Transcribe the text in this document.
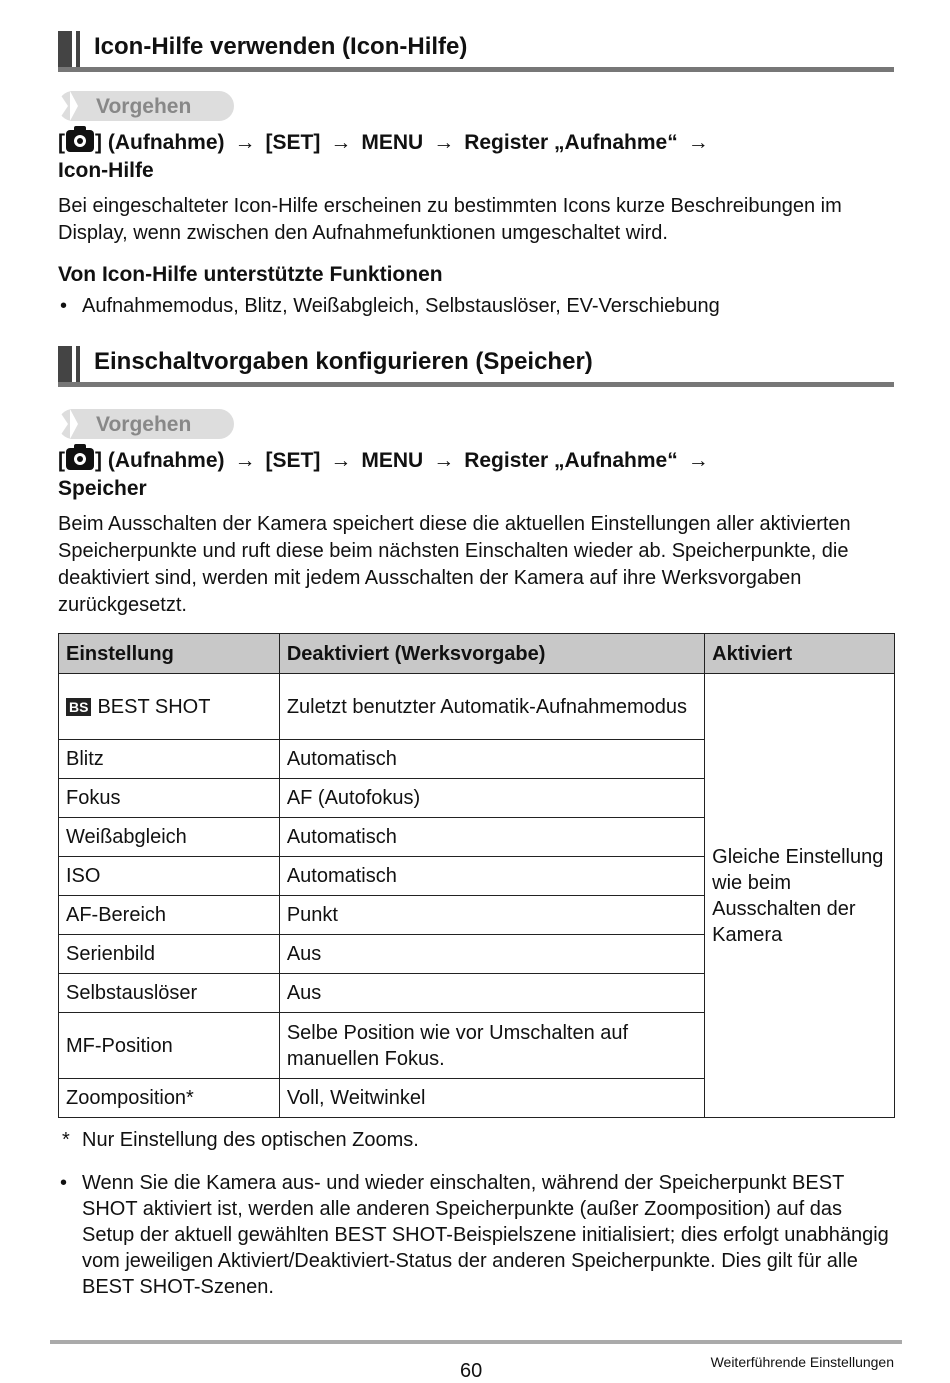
Icon-Hilfe verwenden (Icon-Hilfe)
Vorgehen
[ ] (Aufnahme) → [SET] → MENU → Register „Aufnahme“ →
Icon-Hilfe
Bei eingeschalteter Icon-Hilfe erscheinen zu bestimmten Icons kurze Beschreibungen im Display, wenn zwischen den Aufnahmefunktionen umgeschaltet wird.
Von Icon-Hilfe unterstützte Funktionen
• Aufnahmemodus, Blitz, Weißabgleich, Selbstauslöser, EV-Verschiebung
Einschaltvorgaben konfigurieren (Speicher)
Vorgehen
[ ] (Aufnahme) → [SET] → MENU → Register „Aufnahme“ →
Speicher
Beim Ausschalten der Kamera speichert diese die aktuellen Einstellungen aller aktivierten Speicherpunkte und ruft diese beim nächsten Einschalten wieder ab. Speicherpunkte, die deaktiviert sind, werden mit jedem Ausschalten der Kamera auf ihre Werksvorgaben zurückgesetzt.
Einstellung	Deaktiviert (Werksvorgabe)	Aktiviert
BS BEST SHOT	Zuletzt benutzter Automatik-Aufnahmemodus	Gleiche Einstellung wie beim Ausschalten der Kamera
Blitz	Automatisch	
Fokus	AF (Autofokus)	
Weißabgleich	Automatisch	
ISO	Automatisch	
AF-Bereich	Punkt	
Serienbild	Aus	
Selbstauslöser	Aus	
MF-Position	Selbe Position wie vor Umschalten auf manuellen Fokus.	
Zoomposition*	Voll, Weitwinkel	
* Nur Einstellung des optischen Zooms.
• Wenn Sie die Kamera aus- und wieder einschalten, während der Speicherpunkt BEST SHOT aktiviert ist, werden alle anderen Speicherpunkte (außer Zoomposition) auf das Setup der aktuell gewählten BEST SHOT-Beispielszene initialisiert; dies erfolgt unabhängig vom jeweiligen Aktiviert/Deaktiviert-Status der anderen Speicherpunkte. Dies gilt für alle BEST SHOT-Szenen.
60	Weiterführende Einstellungen
